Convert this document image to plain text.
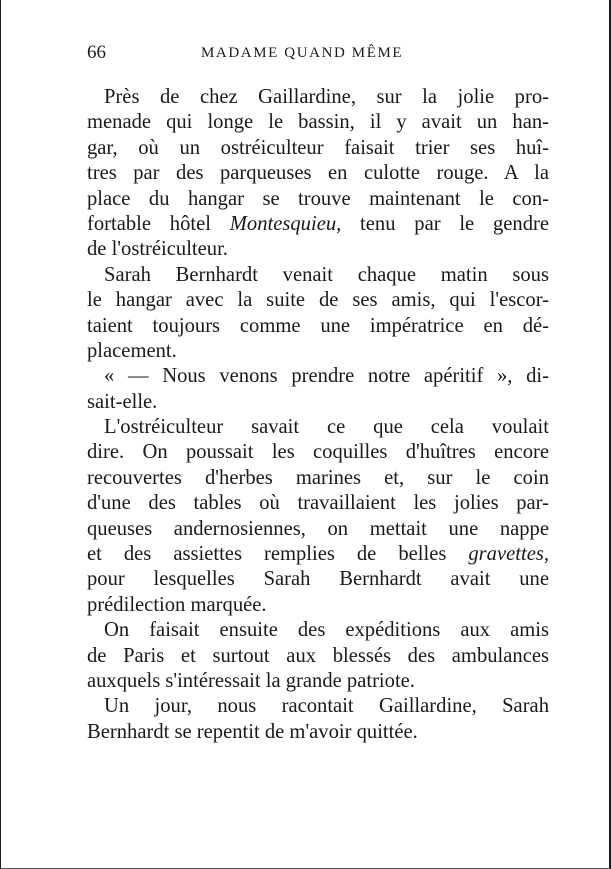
66	MADAME QUAND MÊME
Près de chez Gaillardine, sur la jolie pro-
menade qui longe le bassin, il y avait un han-
gar, où un ostréiculteur faisait trier ses huî-
tres par des parqueuses en culotte rouge. A la
place du hangar se trouve maintenant le con-
fortable hôtel Montesquieu, tenu par le gendre
de l'ostréiculteur.
Sarah Bernhardt venait chaque matin sous
le hangar avec la suite de ses amis, qui l'escor-
taient toujours comme une impératrice en dé-
placement.
« — Nous venons prendre notre apéritif », di-
sait-elle.
L'ostréiculteur savait ce que cela voulait
dire. On poussait les coquilles d'huîtres encore
recouvertes d'herbes marines et, sur le coin
d'une des tables où travaillaient les jolies par-
queuses andernosiennes, on mettait une nappe
et des assiettes remplies de belles gravettes,
pour lesquelles Sarah Bernhardt avait une
prédilection marquée.
On faisait ensuite des expéditions aux amis
de Paris et surtout aux blessés des ambulances
auxquels s'intéressait la grande patriote.
Un jour, nous racontait Gaillardine, Sarah
Bernhardt se repentit de m'avoir quittée.
